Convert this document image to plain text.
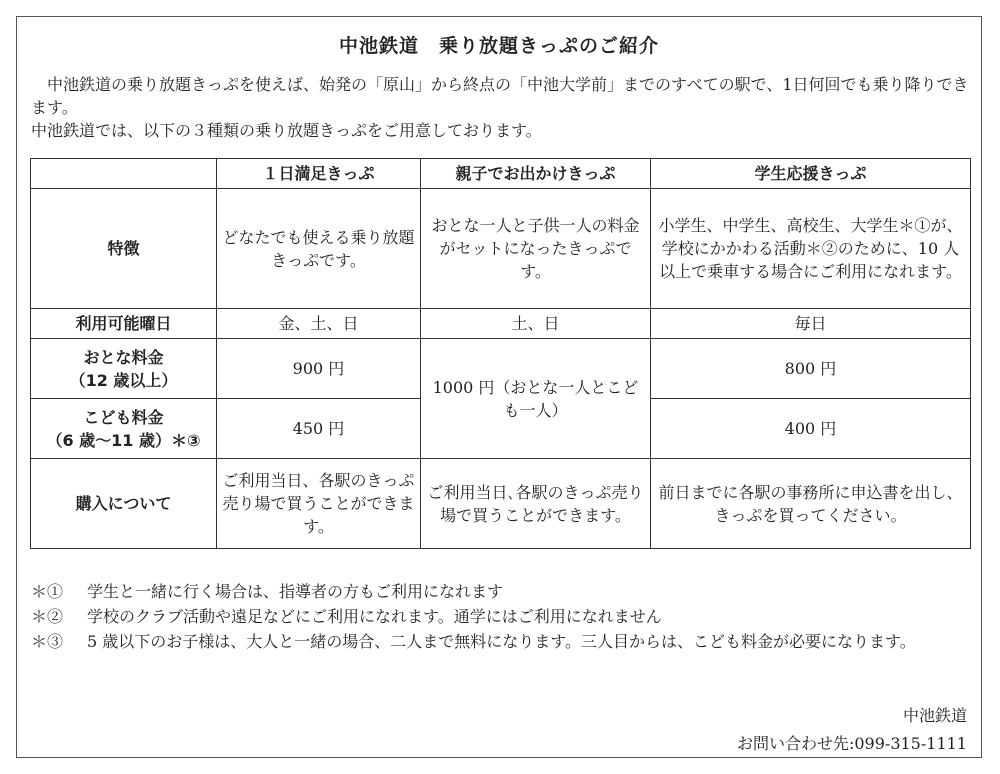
中池鉄道　乗り放題きっぷのご紹介
中池鉄道の乗り放題きっぷを使えば、始発の「原山」から終点の「中池大学前」までのすべての駅で、1日何回でも乗り降りできます。
中池鉄道では、以下の３種類の乗り放題きっぷをご用意しております。
	１日満足きっぷ	親子でお出かけきっぷ	学生応援きっぷ
特徴	どなたでも使える乗り放題きっぷです。	おとな一人と子供一人の料金がセットになったきっぷです。	小学生、中学生、高校生、大学生＊①が、学校にかかわる活動＊②のために、10 人以上で乗車する場合にご利用になれます。
利用可能曜日	金、土、日	土、日	毎日

おとな料金
（12 歳以上）	900 円	1000 円（おとな一人とこども一人）	800 円

こども料金
（6 歳～11 歳）＊③	450 円		400 円
購入について	ご利用当日、各駅のきっぷ売り場で買うことができます。	ご利用当日､各駅のきっぷ売り場で買うことができます。	前日までに各駅の事務所に申込書を出し、きっぷを買ってください。
＊①	学生と一緒に行く場合は、指導者の方もご利用になれます
＊②	学校のクラブ活動や遠足などにご利用になれます。通学にはご利用になれません
＊③	5 歳以下のお子様は、大人と一緒の場合、二人まで無料になります。三人目からは、こども料金が必要になります。
中池鉄道
お問い合わせ先:099-315-1111
